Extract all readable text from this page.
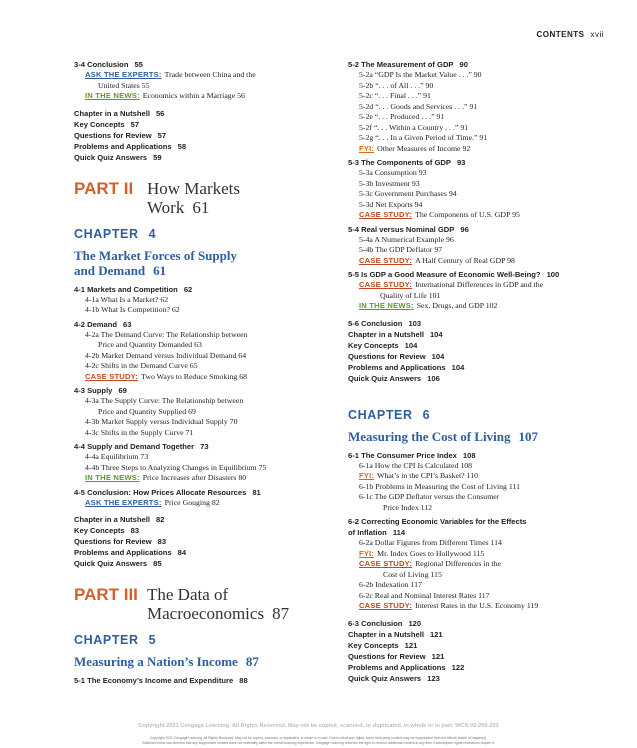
CONTENTS xvii
3-4 Conclusion 55
ASK THE EXPERTS: Trade between China and the
United States 55
IN THE NEWS: Economics within a Marriage 56
Chapter in a Nutshell 56
Key Concepts 57
Questions for Review 57
Problems and Applications 58
Quick Quiz Answers 59
PART II How Markets
Work 61
CHAPTER 4
The Market Forces of Supply
and Demand 61
4-1 Markets and Competition 62
4-1a What Is a Market? 62
4-1b What Is Competition? 62
4-2 Demand 63
4-2a The Demand Curve: The Relationship between
Price and Quantity Demanded 63
4-2b Market Demand versus Individual Demand 64
4-2c Shifts in the Demand Curve 65
CASE STUDY: Two Ways to Reduce Smoking 68
4-3 Supply 69
4-3a The Supply Curve: The Relationship between
Price and Quantity Supplied 69
4-3b Market Supply versus Individual Supply 70
4-3c Shifts in the Supply Curve 71
4-4 Supply and Demand Together 73
4-4a Equilibrium 73
4-4b Three Steps to Analyzing Changes in Equilibrium 75
IN THE NEWS: Price Increases after Disasters 80
4-5 Conclusion: How Prices Allocate Resources 81
ASK THE EXPERTS: Price Gouging 82
Chapter in a Nutshell 82
Key Concepts 83
Questions for Review 83
Problems and Applications 84
Quick Quiz Answers 85
PART III The Data of
Macroeconomics 87
CHAPTER 5
Measuring a Nation’s Income 87
5-1 The Economy’s Income and Expenditure 88
5-2 The Measurement of GDP 90
5-2a “GDP Is the Market Value . . .” 90
5-2b “. . . of All . . .” 90
5-2c “. . . Final . . .” 91
5-2d “. . . Goods and Services . . .” 91
5-2e “. . . Produced . . .” 91
5-2f “. . . Within a Country . . .” 91
5-2g “. . . In a Given Period of Time.” 91
FYI: Other Measures of Income 92
5-3 The Components of GDP 93
5-3a Consumption 93
5-3b Investment 93
5-3c Government Purchases 94
5-3d Net Exports 94
CASE STUDY: The Components of U.S. GDP 95
5-4 Real versus Nominal GDP 96
5-4a A Numerical Example 96
5-4b The GDP Deflator 97
CASE STUDY: A Half Century of Real GDP 98
5-5 Is GDP a Good Measure of Economic Well-Being? 100
CASE STUDY: International Differences in GDP and the
Quality of Life 101
IN THE NEWS: Sex, Drugs, and GDP 102
5-6 Conclusion 103
Chapter in a Nutshell 104
Key Concepts 104
Questions for Review 104
Problems and Applications 104
Quick Quiz Answers 106
CHAPTER 6
Measuring the Cost of Living 107
6-1 The Consumer Price Index 108
6-1a How the CPI Is Calculated 108
FYI: What’s in the CPI’s Basket? 110
6-1b Problems in Measuring the Cost of Living 111
6-1c The GDP Deflator versus the Consumer
Price Index 112
6-2 Correcting Economic Variables for the Effects
of Inflation 114
6-2a Dollar Figures from Different Times 114
FYI: Mr. Index Goes to Hollywood 115
CASE STUDY: Regional Differences in the
Cost of Living 115
6-2b Indexation 117
6-2c Real and Nominal Interest Rates 117
CASE STUDY: Interest Rates in the U.S. Economy 119
6-3 Conclusion 120
Chapter in a Nutshell 121
Key Concepts 121
Questions for Review 121
Problems and Applications 122
Quick Quiz Answers 123
Copyright 2021 Cengage Learning. All Rights Reserved. May not be copied, scanned, or duplicated, in whole or in part. WCN 02-200-203
Copyright 2021 Cengage Learning. All Rights Reserved. May not be copied, scanned, or duplicated, in whole or in part. Due to electronic rights, some third party content may be suppressed from the eBook and/or eChapter(s).
Editorial review has deemed that any suppressed content does not materially affect the overall learning experience. Cengage Learning reserves the right to remove additional content at any time if subsequent rights restrictions require it.
